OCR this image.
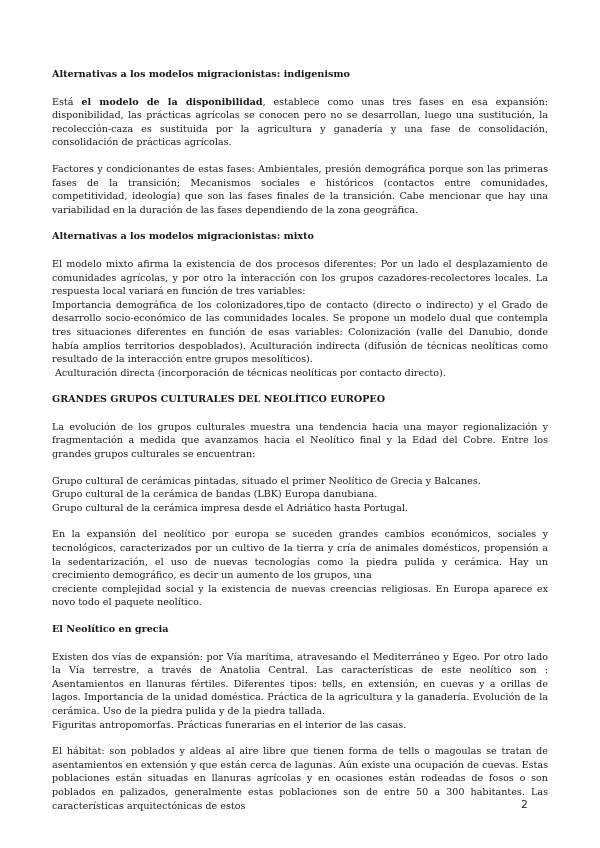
Alternativas a los modelos migracionistas: indigenismo

Está el modelo de la disponibilidad, establece como unas tres fases en esa expansión: disponibilidad, las prácticas agrícolas se conocen pero no se desarrollan, luego una sustitución, la recolección-caza es sustituida por la agricultura y ganadería y una fase de consolidación, consolidación de prácticas agrícolas.

Factores y condicionantes de estas fases: Ambientales, presión demográfica porque son las primeras fases de la transición; Mecanismos sociales e históricos (contactos entre comunidades, competitividad, ideología) que son las fases finales de la transición. Cabe mencionar que hay una variabilidad en la duración de las fases dependiendo de la zona geográfica.

Alternativas a los modelos migracionistas: mixto

El modelo mixto afirma la existencia de dos procesos diferentes: Por un lado el desplazamiento de comunidades agrícolas, y por otro la interacción con los grupos cazadores-recolectores locales. La respuesta local variará en función de tres variables:

Importancia demográfica de los colonizadores,tipo de contacto (directo o indirecto) y el Grado de desarrollo socio-económico de las comunidades locales. Se propone un modelo dual que contempla tres situaciones diferentes en función de esas variables: Colonización (valle del Danubio, donde había amplios territorios despoblados). Aculturación indirecta (difusión de técnicas neolíticas como resultado de la interacción entre grupos mesolíticos).

Aculturación directa (incorporación de técnicas neolíticas por contacto directo).

GRANDES GRUPOS CULTURALES DEL NEOLÍTICO EUROPEO

La evolución de los grupos culturales muestra una tendencia hacia una mayor regionalización y fragmentación a medida que avanzamos hacia el Neolítico final y la Edad del Cobre. Entre los grandes grupos culturales se encuentran:

Grupo cultural de cerámicas pintadas, situado el primer Neolítico de Grecia y Balcanes.

Grupo cultural de la cerámica de bandas (LBK) Europa danubiana.

Grupo cultural de la cerámica impresa desde el Adriático hasta Portugal.

En la expansión del neolítico por europa se suceden grandes cambios económicos, sociales y tecnológicos, caracterizados por un cultivo de la tierra y cría de animales domésticos, propensión a la sedentarización, el uso de nuevas tecnologías como la piedra pulida y cerámica. Hay un crecimiento demográfico, es decir un aumento de los grupos, una

creciente complejidad social y la existencia de nuevas creencias religiosas. En Europa aparece ex novo todo el paquete neolítico.

El Neolítico en grecia

Existen dos vías de expansión: por Vía marítima, atravesando el Mediterráneo y Egeo. Por otro lado la Vía terrestre, a través de Anatolia Central. Las características de este neolítico son : Asentamientos en llanuras fértiles. Diferentes tipos: tells, en extensión, en cuevas y a orillas de lagos. Importancia de la unidad doméstica. Práctica de la agricultura y la ganadería. Evolución de la cerámica. Uso de la piedra pulida y de la piedra tallada.

Figuritas antropomorfas. Prácticas funerarias en el interior de las casas.

El hábitat: son poblados y aldeas al aire libre que tienen forma de tells o magoulas se tratan de asentamientos en extensión y que están cerca de lagunas. Aún existe una ocupación de cuevas. Estas poblaciones están situadas en llanuras agrícolas y en ocasiones están rodeadas de fosos o son poblados en palizados, generalmente estas poblaciones son de entre 50 a 300 habitantes. Las características arquitectónicas de estos	2
